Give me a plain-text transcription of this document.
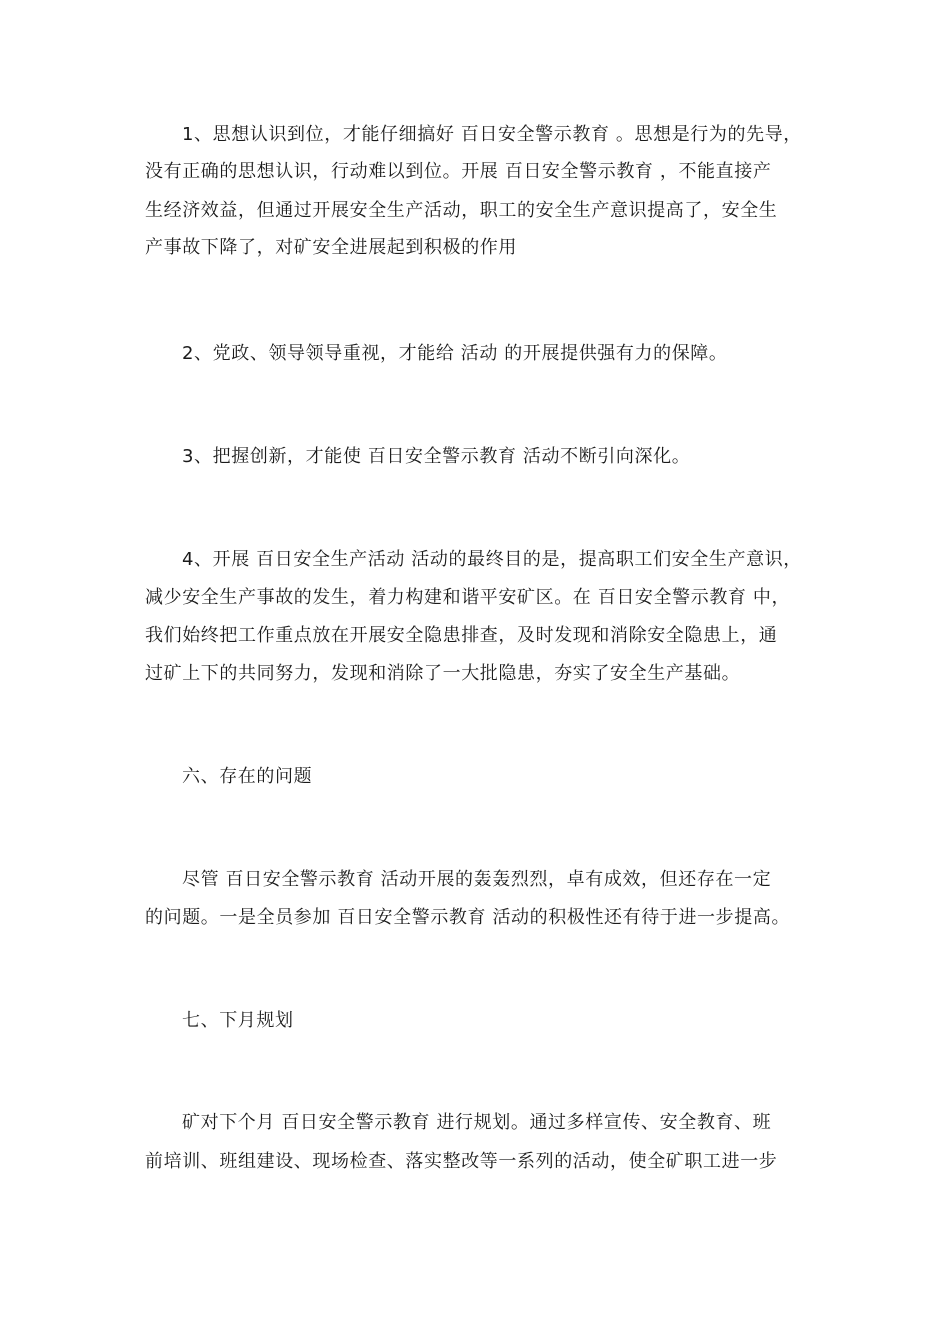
1、思想认识到位，才能仔细搞好 百日安全警示教育 。思想是行为的先导，
没有正确的思想认识，行动难以到位。开展 百日安全警示教育 ，不能直接产
生经济效益，但通过开展安全生产活动，职工的安全生产意识提高了，安全生
产事故下降了，对矿安全进展起到积极的作用
2、党政、领导领导重视，才能给 活动 的开展提供强有力的保障。
3、把握创新，才能使 百日安全警示教育 活动不断引向深化。
4、开展 百日安全生产活动 活动的最终目的是，提高职工们安全生产意识，
减少安全生产事故的发生，着力构建和谐平安矿区。在 百日安全警示教育 中，
我们始终把工作重点放在开展安全隐患排查，及时发现和消除安全隐患上，通
过矿上下的共同努力，发现和消除了一大批隐患，夯实了安全生产基础。
六、存在的问题
尽管 百日安全警示教育 活动开展的轰轰烈烈，卓有成效，但还存在一定
的问题。一是全员参加 百日安全警示教育 活动的积极性还有待于进一步提高。
七、下月规划
矿对下个月 百日安全警示教育 进行规划。通过多样宣传、安全教育、班
前培训、班组建设、现场检查、落实整改等一系列的活动，使全矿职工进一步
